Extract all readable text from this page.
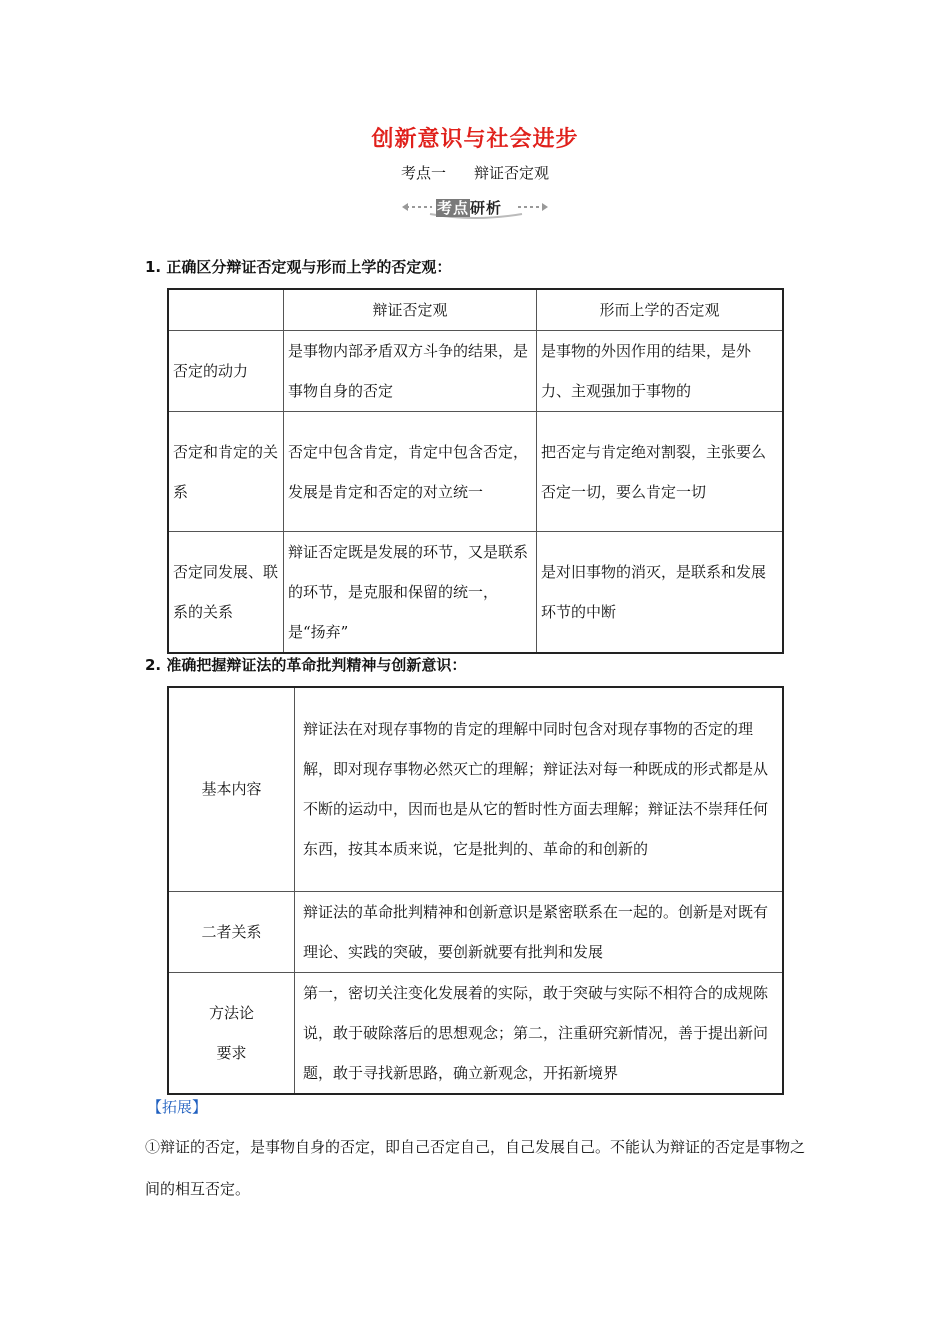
创新意识与社会进步
考点一 辩证否定观
考点研析
1. 正确区分辩证否定观与形而上学的否定观：
	辩证否定观	形而上学的否定观
否定的动力	是事物内部矛盾双方斗争的结果，是事物自身的否定	是事物的外因作用的结果，是外力、主观强加于事物的
否定和肯定的关系	否定中包含肯定，肯定中包含否定，发展是肯定和否定的对立统一	把否定与肯定绝对割裂，主张要么否定一切，要么肯定一切
否定同发展、联系的关系	辩证否定既是发展的环节，又是联系的环节，是克服和保留的统一，是“扬弃”	是对旧事物的消灭，是联系和发展环节的中断
2. 准确把握辩证法的革命批判精神与创新意识：
基本内容	辩证法在对现存事物的肯定的理解中同时包含对现存事物的否定的理解，即对现存事物必然灭亡的理解；辩证法对每一种既成的形式都是从不断的运动中，因而也是从它的暂时性方面去理解；辩证法不崇拜任何东西，按其本质来说，它是批判的、革命的和创新的
二者关系	辩证法的革命批判精神和创新意识是紧密联系在一起的。创新是对既有理论、实践的突破，要创新就要有批判和发展

方法论
要求	第一，密切关注变化发展着的实际，敢于突破与实际不相符合的成规陈说，敢于破除落后的思想观念；第二，注重研究新情况，善于提出新问题，敢于寻找新思路，确立新观念，开拓新境界
【拓展】
①辩证的否定，是事物自身的否定，即自己否定自己，自己发展自己。不能认为辩证的否定是事物之间的相互否定。
